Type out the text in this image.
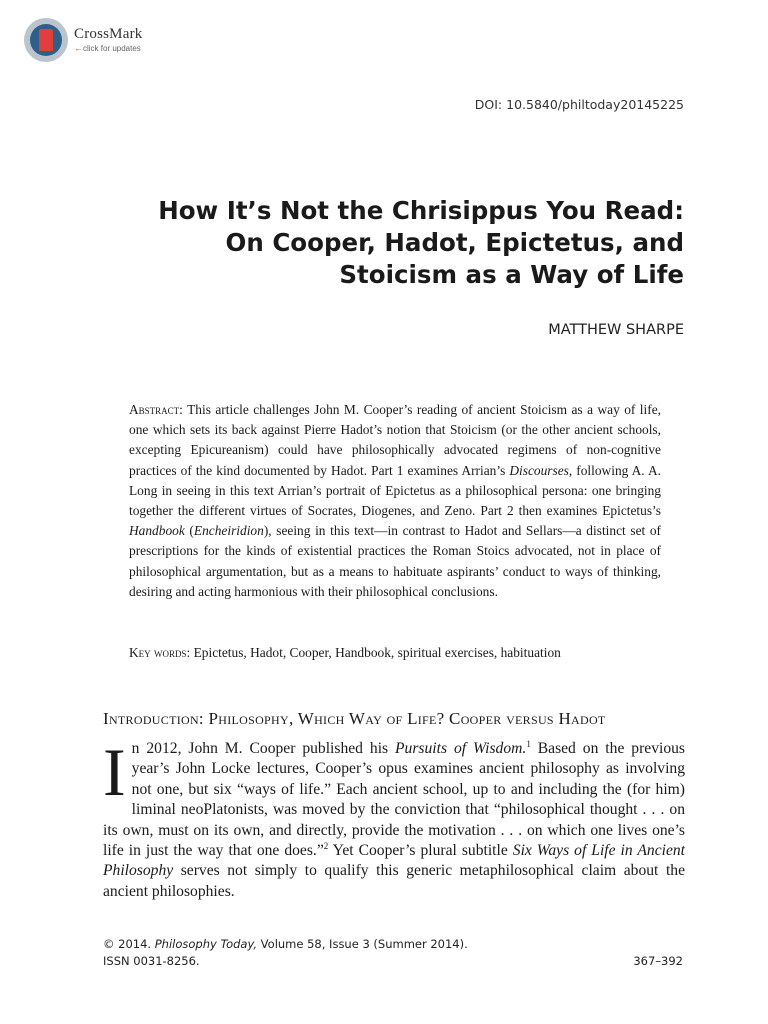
CrossMark
←click for updates
DOI: 10.5840/philtoday20145225
How It’s Not the Chrisippus You Read:
On Cooper, Hadot, Epictetus, and
Stoicism as a Way of Life
MATTHEW SHARPE

Abstract: This article challenges John M. Cooper’s reading of ancient Stoicism as a way of life, one which sets its back against Pierre Hadot’s notion that Stoicism (or the other ancient schools, excepting Epicureanism) could have philosophically advocated regimens of non-cognitive practices of the kind documented by Hadot. Part 1 examines Arrian’s Discourses, following A. A. Long in seeing in this text Arrian’s portrait of Epictetus as a philosophical persona: one bringing together the different virtues of Socrates, Diogenes, and Zeno. Part 2 then examines Epictetus’s Handbook (Encheiridion), seeing in this text—in contrast to Hadot and Sellars—a distinct set of prescriptions for the kinds of existential practices the Roman Stoics advocated, not in place of philosophical argumentation, but as a means to habituate aspirants’ conduct to ways of thinking, desiring and acting harmonious with their philosophical conclusions.

Key words: Epictetus, Hadot, Cooper, Handbook, spiritual exercises, habituation

Introduction: Philosophy, Which Way of Life? Cooper versus Hadot

In 2012, John M. Cooper published his Pursuits of Wisdom.$^1$ Based on the previous year’s John Locke lectures, Cooper’s opus examines ancient philosophy as involving not one, but six “ways of life.” Each ancient school, up to and including the (for him) liminal neoPlatonists, was moved by the conviction that “philosophical thought . . . on its own, must on its own, and directly, provide the motivation . . . on which one lives one’s life in just the way that one does.”$^2$ Yet Cooper’s plural subtitle Six Ways of Life in Ancient Philosophy serves not simply to qualify this generic metaphilosophical claim about the ancient philosophies.

© 2014. Philosophy Today, Volume 58, Issue 3 (Summer 2014).
ISSN 0031-8256.	367–392
